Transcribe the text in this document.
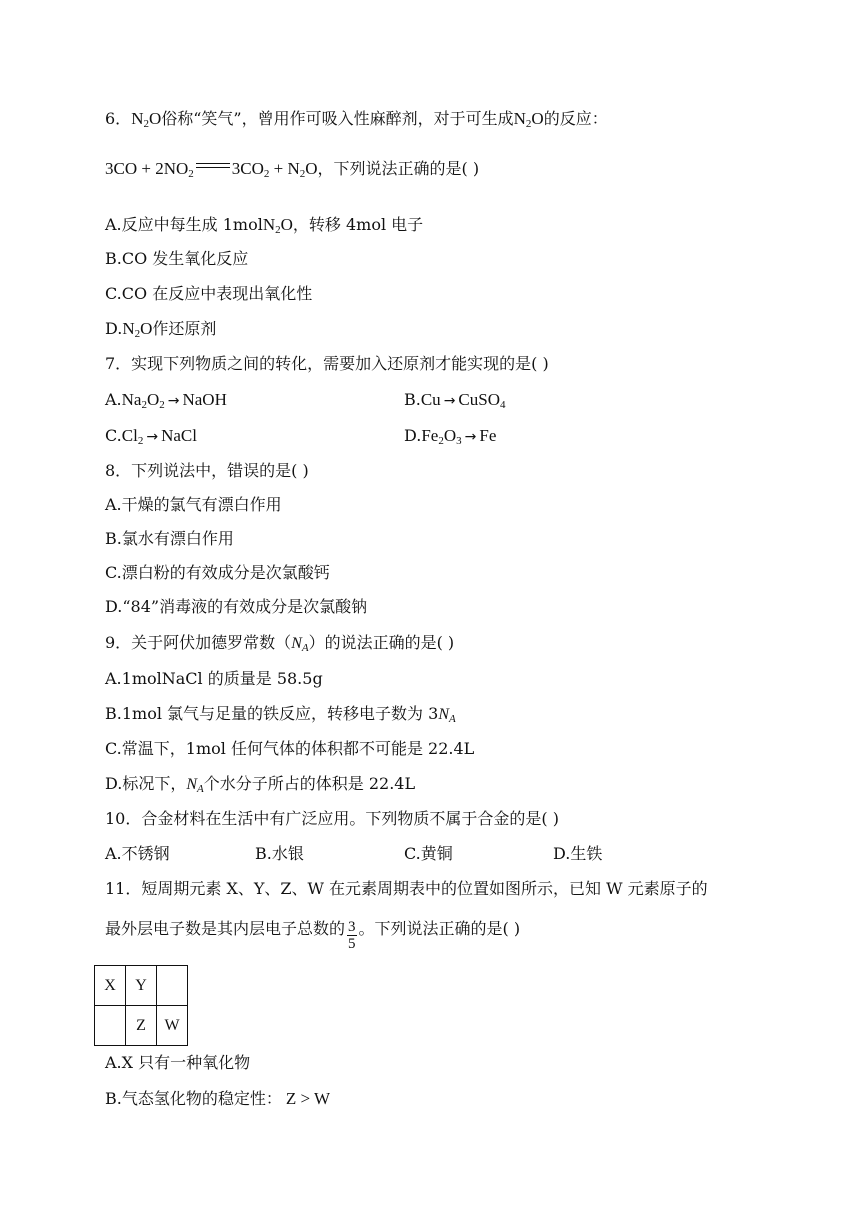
6．$N_2O$俗称“笑气”，曾用作可吸入性麻醉剂，对于可生成$N_2O$的反应：
$3CO + 2NO_2$ $3CO_2 + N_2O$，下列说法正确的是( )
A.反应中每生成 1molN$_2$O，转移 4mol 电子
B.CO 发生氧化反应
C.CO 在反应中表现出氧化性
$D.N_2O$作还原剂
7．实现下列物质之间的转化，需要加入还原剂才能实现的是( )
$A.Na_2O_2$ → NaOH	B.Cu → CuSO$_4$
$C.Cl_2$ → NaCl	$D.Fe_2O_3 \to Fe$
8．下列说法中，错误的是( )
A.干燥的氯气有漂白作用
B.氯水有漂白作用
C.漂白粉的有效成分是次氯酸钙
D.“84”消毒液的有效成分是次氯酸钠
9．关于阿伏加德罗常数$(N_A)$的说法正确的是( )
A.1molNaCl 的质量是 58.5g
B.1mol 氯气与足量的铁反应，转移电子数为 $3N_A$
C.常温下，1mol 任何气体的体积都不可能是 22.4L
D.标况下，$N_A$个水分子所占的体积是 22.4L
10．合金材料在生活中有广泛应用。下列物质不属于合金的是( )
A.不锈钢	B.水银	C.黄铜	D.生铁
11．短周期元素 X、Y、Z、W 在元素周期表中的位置如图所示，已知 W 元素原子的
最外层电子数是其内层电子总数的 $\frac{3}{5}$ 。下列说法正确的是( )
X	Y	
	Z	W
A.X 只有一种氧化物
B.气态氢化物的稳定性： Z > W
